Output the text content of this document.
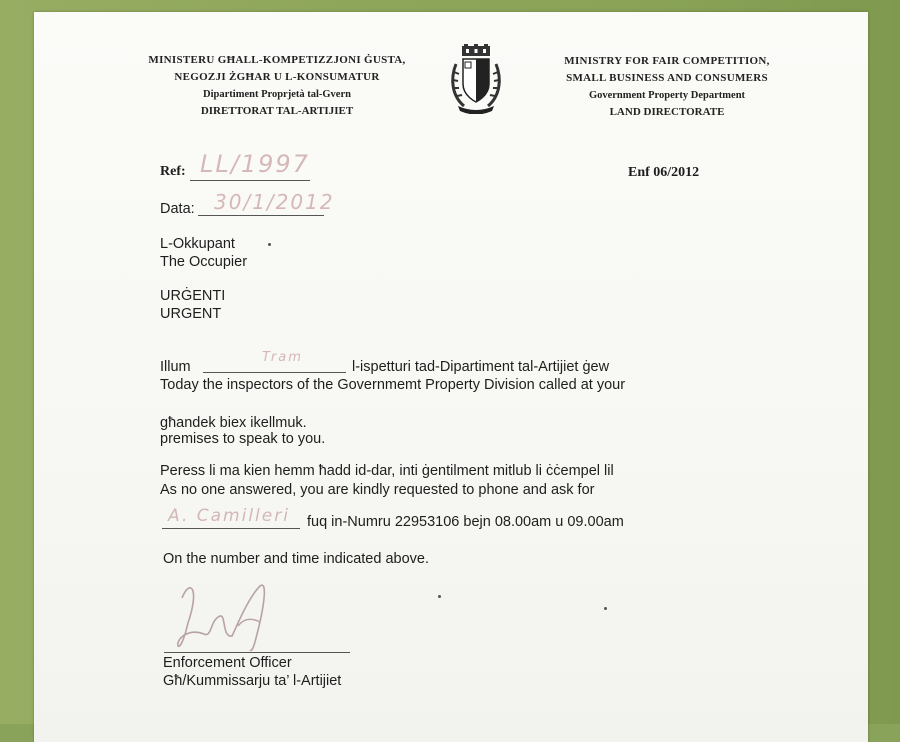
MINISTERU GĦALL-KOMPETIZZJONI ĠUSTA,
NEGOZJI ŻGĦAR U L-KONSUMATUR
Dipartiment Proprjetà tal-Gvern
DIRETTORAT TAL-ARTIJIET
MINISTRY FOR FAIR COMPETITION,
SMALL BUSINESS AND CONSUMERS
Government Property Department
LAND DIRECTORATE
Ref: LL/1997	Enf 06/2012
Data: 30/1/2012
L-Okkupant
The Occupier
URĠENTI
URGENT
Illum
Tram
l-ispetturi tad-Dipartiment tal-Artijiet ġew
Today the inspectors of the Governmemt Property Division called at your
għandek biex ikellmuk.
premises to speak to you.
Peress li ma kien hemm ħadd id-dar, inti ġentilment mitlub li ċċempel lil
As no one answered, you are kindly requested to phone and ask for
A. Camilleri fuq in-Numru 22953106 bejn 08.00am u 09.00am
On the number and time indicated above.
Enforcement Officer
Għ/Kummissarju ta’ l-Artijiet
